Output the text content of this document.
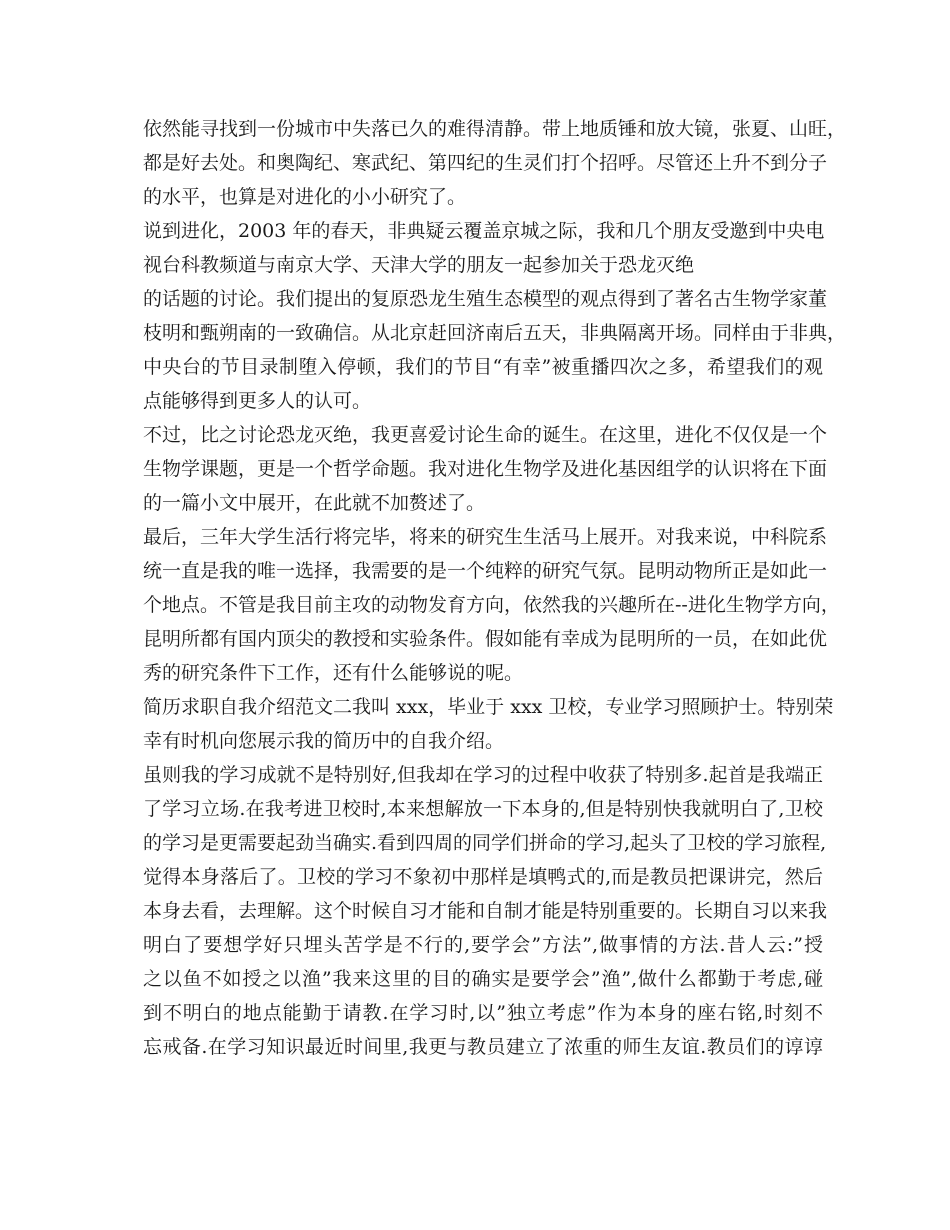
依然能寻找到一份城市中失落已久的难得清静。带上地质锤和放大镜，张夏、山旺，
都是好去处。和奥陶纪、寒武纪、第四纪的生灵们打个招呼。尽管还上升不到分子
的水平，也算是对进化的小小研究了。
说到进化，2003 年的春天，非典疑云覆盖京城之际，我和几个朋友受邀到中央电
视台科教频道与南京大学、天津大学的朋友一起参加关于恐龙灭绝
的话题的讨论。我们提出的复原恐龙生殖生态模型的观点得到了著名古生物学家董
枝明和甄朔南的一致确信。从北京赶回济南后五天，非典隔离开场。同样由于非典，
中央台的节目录制堕入停顿，我们的节目“有幸”被重播四次之多，希望我们的观
点能够得到更多人的认可。
不过，比之讨论恐龙灭绝，我更喜爱讨论生命的诞生。在这里，进化不仅仅是一个
生物学课题，更是一个哲学命题。我对进化生物学及进化基因组学的认识将在下面
的一篇小文中展开，在此就不加赘述了。
最后，三年大学生活行将完毕，将来的研究生生活马上展开。对我来说，中科院系
统一直是我的唯一选择，我需要的是一个纯粹的研究气氛。昆明动物所正是如此一
个地点。不管是我目前主攻的动物发育方向，依然我的兴趣所在--进化生物学方向，
昆明所都有国内顶尖的教授和实验条件。假如能有幸成为昆明所的一员，在如此优
秀的研究条件下工作，还有什么能够说的呢。
简历求职自我介绍范文二我叫 xxx，毕业于 xxx 卫校，专业学习照顾护士。特别荣
幸有时机向您展示我的简历中的自我介绍。
虽则我的学习成就不是特别好,但我却在学习的过程中收获了特别多.起首是我端正
了学习立场.在我考进卫校时,本来想解放一下本身的,但是特别快我就明白了,卫校
的学习是更需要起劲当确实.看到四周的同学们拼命的学习,起头了卫校的学习旅程,
觉得本身落后了。卫校的学习不象初中那样是填鸭式的,而是教员把课讲完，然后
本身去看，去理解。这个时候自习才能和自制才能是特别重要的。长期自习以来我
明白了要想学好只埋头苦学是不行的,要学会”方法”,做事情的方法.昔人云:”授
之以鱼不如授之以渔”我来这里的目的确实是要学会”渔”,做什么都勤于考虑,碰
到不明白的地点能勤于请教.在学习时,以”独立考虑”作为本身的座右铭,时刻不
忘戒备.在学习知识最近时间里,我更与教员建立了浓重的师生友谊.教员们的谆谆
